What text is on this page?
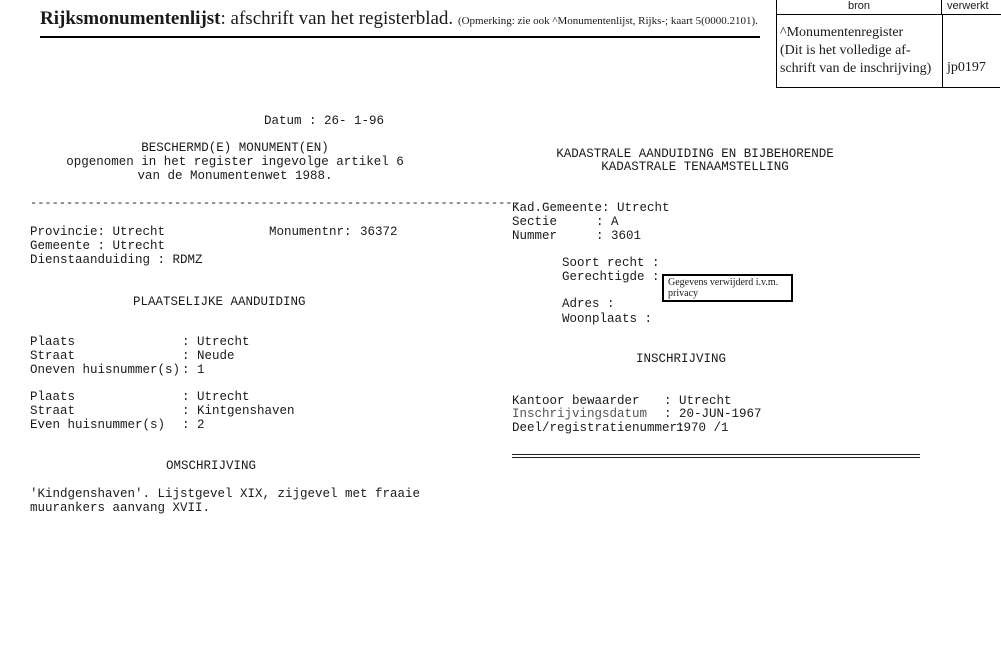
Rijksmonumentenlijst: afschrift van het registerblad. (Opmerking: zie ook ^Monumentenlijst, Rijks-; kaart 5(0000.2101).
bron	verwerkt
^Monumentenregister
(Dit is het volledige af-
schrift van de inschrijving)	jp0197
Datum : 26- 1-96
BESCHERMD(E) MONUMENT(EN)
opgenomen in het register ingevolge artikel 6
van de Monumentenwet 1988.
--------------------------------------------------------------------
Provincie: Utrecht	Monumentnr: 36372
Gemeente : Utrecht
Dienstaanduiding : RDMZ
PLAATSELIJKE AANDUIDING
Plaats	: Utrecht
Straat	: Neude
Oneven huisnummer(s) : 1
Plaats	: Utrecht
Straat	: Kintgenshaven
Even huisnummer(s) : 2
OMSCHRIJVING
'Kindgenshaven'. Lijstgevel XIX, zijgevel met fraaie
muurankers aanvang XVII.
KADASTRALE AANDUIDING EN BIJBEHORENDE
KADASTRALE TENAAMSTELLING
Kad.Gemeente: Utrecht
Sectie	: A
Nummer	: 3601
Soort recht :
Gerechtigde : Gegevens verwijderd i.v.m. privacy
Adres :
Woonplaats :
INSCHRIJVING
Kantoor bewaarder : Utrecht
Inschrijvingsdatum : 20-JUN-1967
Deel/registratienummer:
1970 /1
